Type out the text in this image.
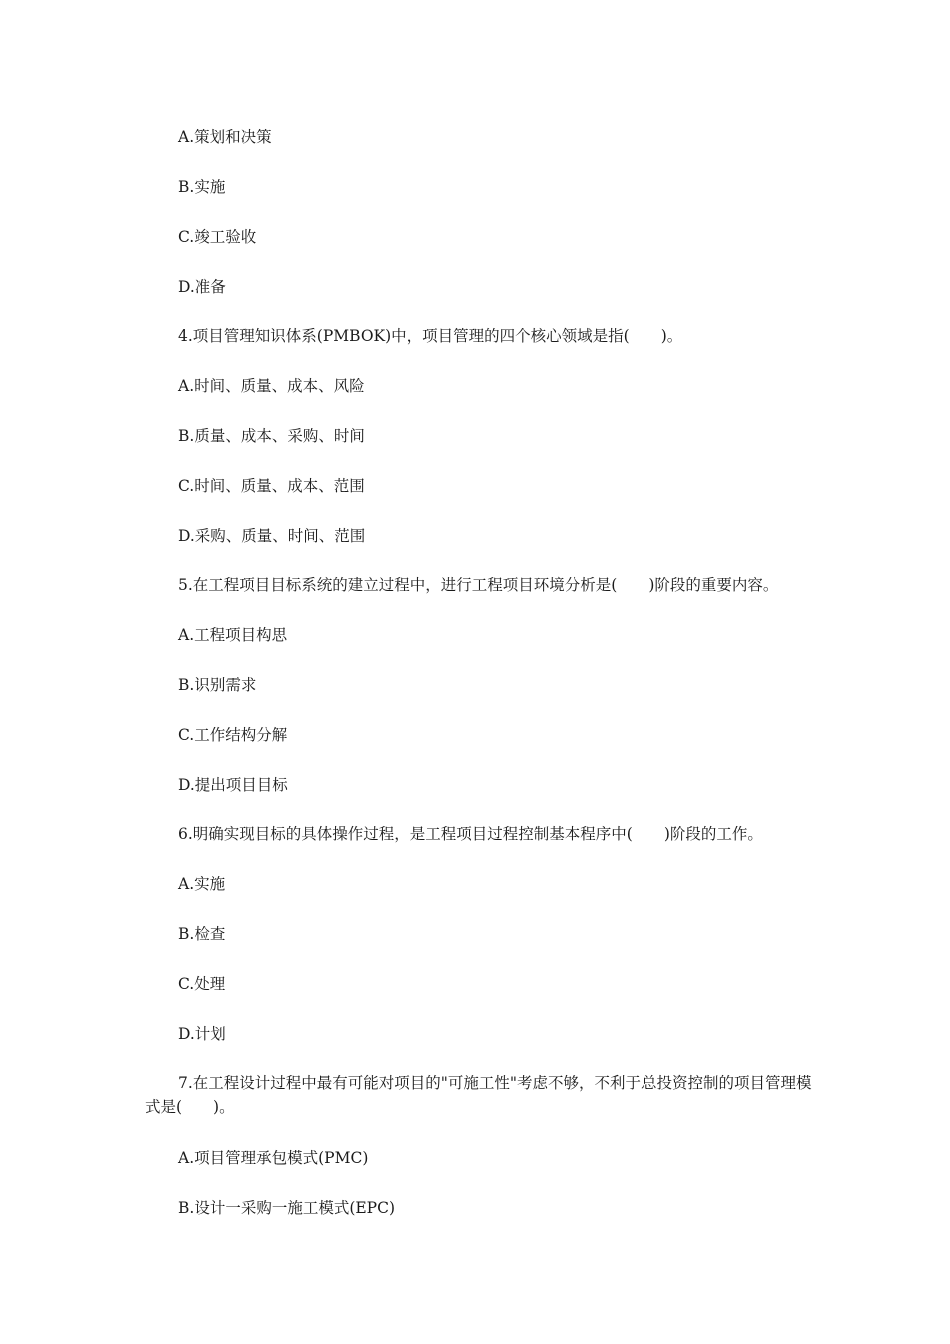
A.策划和决策
B.实施
C.竣工验收
D.准备
4.项目管理知识体系(PMBOK)中，项目管理的四个核心领域是指(　　)。
A.时间、质量、成本、风险
B.质量、成本、采购、时间
C.时间、质量、成本、范围
D.采购、质量、时间、范围
5.在工程项目目标系统的建立过程中，进行工程项目环境分析是(　　)阶段的重要内容。
A.工程项目构思
B.识别需求
C.工作结构分解
D.提出项目目标
6.明确实现目标的具体操作过程，是工程项目过程控制基本程序中(　　)阶段的工作。
A.实施
B.检查
C.处理
D.计划
7.在工程设计过程中最有可能对项目的"可施工性"考虑不够，不利于总投资控制的项目管理模式是(　　)。
A.项目管理承包模式(PMC)
B.设计一采购一施工模式(EPC)
